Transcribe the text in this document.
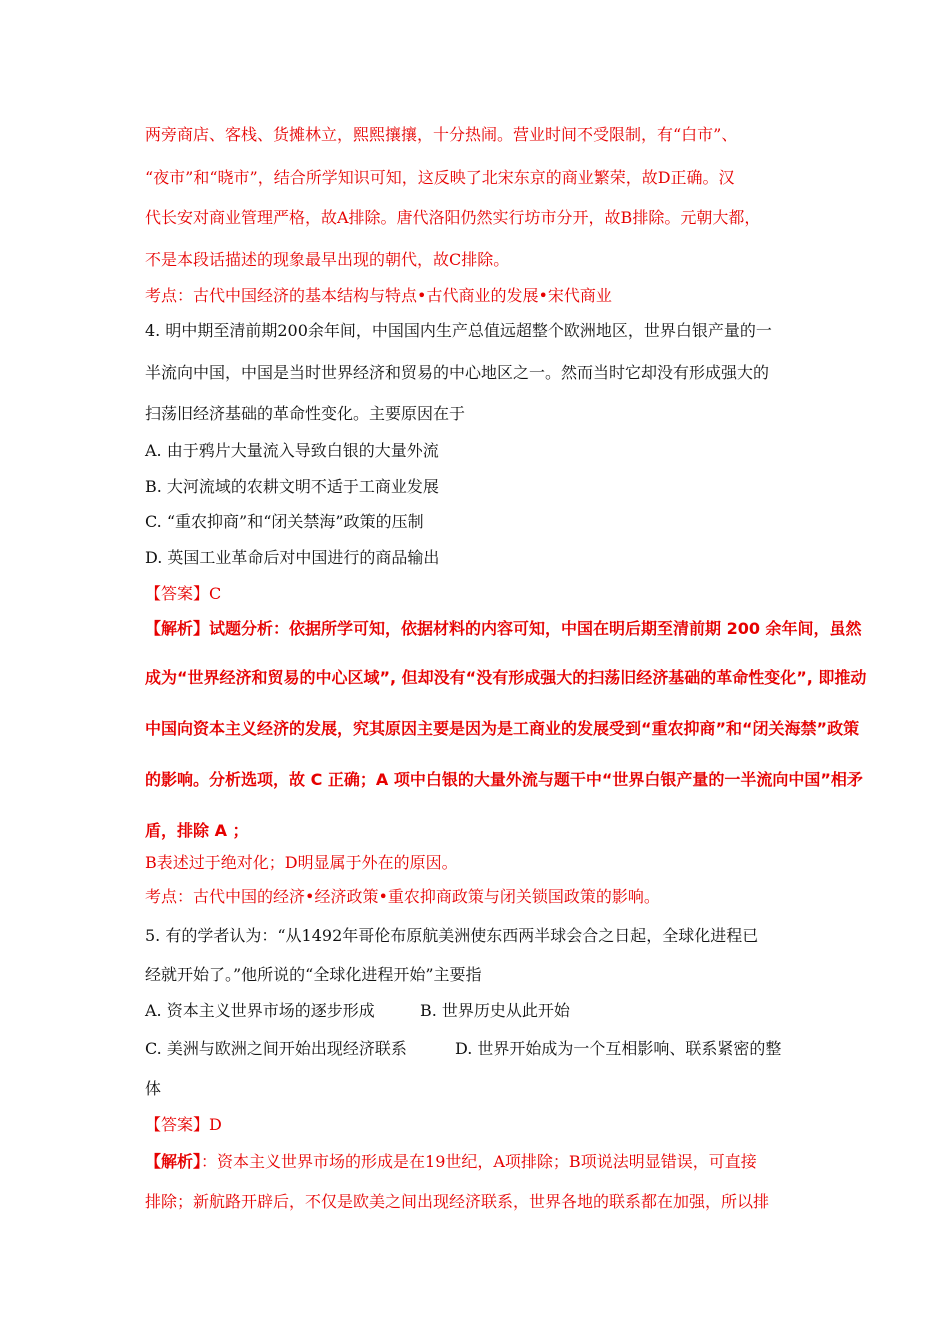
两旁商店、客栈、货摊林立，熙熙攘攘，十分热闹。营业时间不受限制，有“白市”、
“夜市”和“晓市”，结合所学知识可知，这反映了北宋东京的商业繁荣，故D正确。汉
代长安对商业管理严格，故A排除。唐代洛阳仍然实行坊市分开，故B排除。元朝大都，
不是本段话描述的现象最早出现的朝代，故C排除。
考点：古代中国经济的基本结构与特点•古代商业的发展•宋代商业
4. 明中期至清前期200余年间，中国国内生产总值远超整个欧洲地区，世界白银产量的一
半流向中国，中国是当时世界经济和贸易的中心地区之一。然而当时它却没有形成强大的
扫荡旧经济基础的革命性变化。主要原因在于
A. 由于鸦片大量流入导致白银的大量外流
B. 大河流域的农耕文明不适于工商业发展
C. “重农抑商”和“闭关禁海”政策的压制
D. 英国工业革命后对中国进行的商品输出
【答案】C
【解析】试题分析：依据所学可知，依据材料的内容可知，中国在明后期至清前期 200 余年间，虽然
成为“世界经济和贸易的中心区域”, 但却没有“没有形成强大的扫荡旧经济基础的革命性变化”, 即推动
中国向资本主义经济的发展，究其原因主要是因为是工商业的发展受到“重农抑商”和“闭关海禁”政策
的影响。分析选项，故 C 正确；A 项中白银的大量外流与题干中“世界白银产量的一半流向中国”相矛
盾，排除 A ；
B表述过于绝对化；D明显属于外在的原因。
考点：古代中国的经济•经济政策•重农抑商政策与闭关锁国政策的影响。
5. 有的学者认为：“从1492年哥伦布原航美洲使东西两半球会合之日起，全球化进程已
经就开始了。”他所说的“全球化进程开始”主要指
A. 资本主义世界市场的逐步形成	B. 世界历史从此开始
C. 美洲与欧洲之间开始出现经济联系	D. 世界开始成为一个互相影响、联系紧密的整
体
【答案】D
【解析】：资本主义世界市场的形成是在19世纪，A项排除；B项说法明显错误，可直接
排除；新航路开辟后，不仅是欧美之间出现经济联系，世界各地的联系都在加强，所以排
